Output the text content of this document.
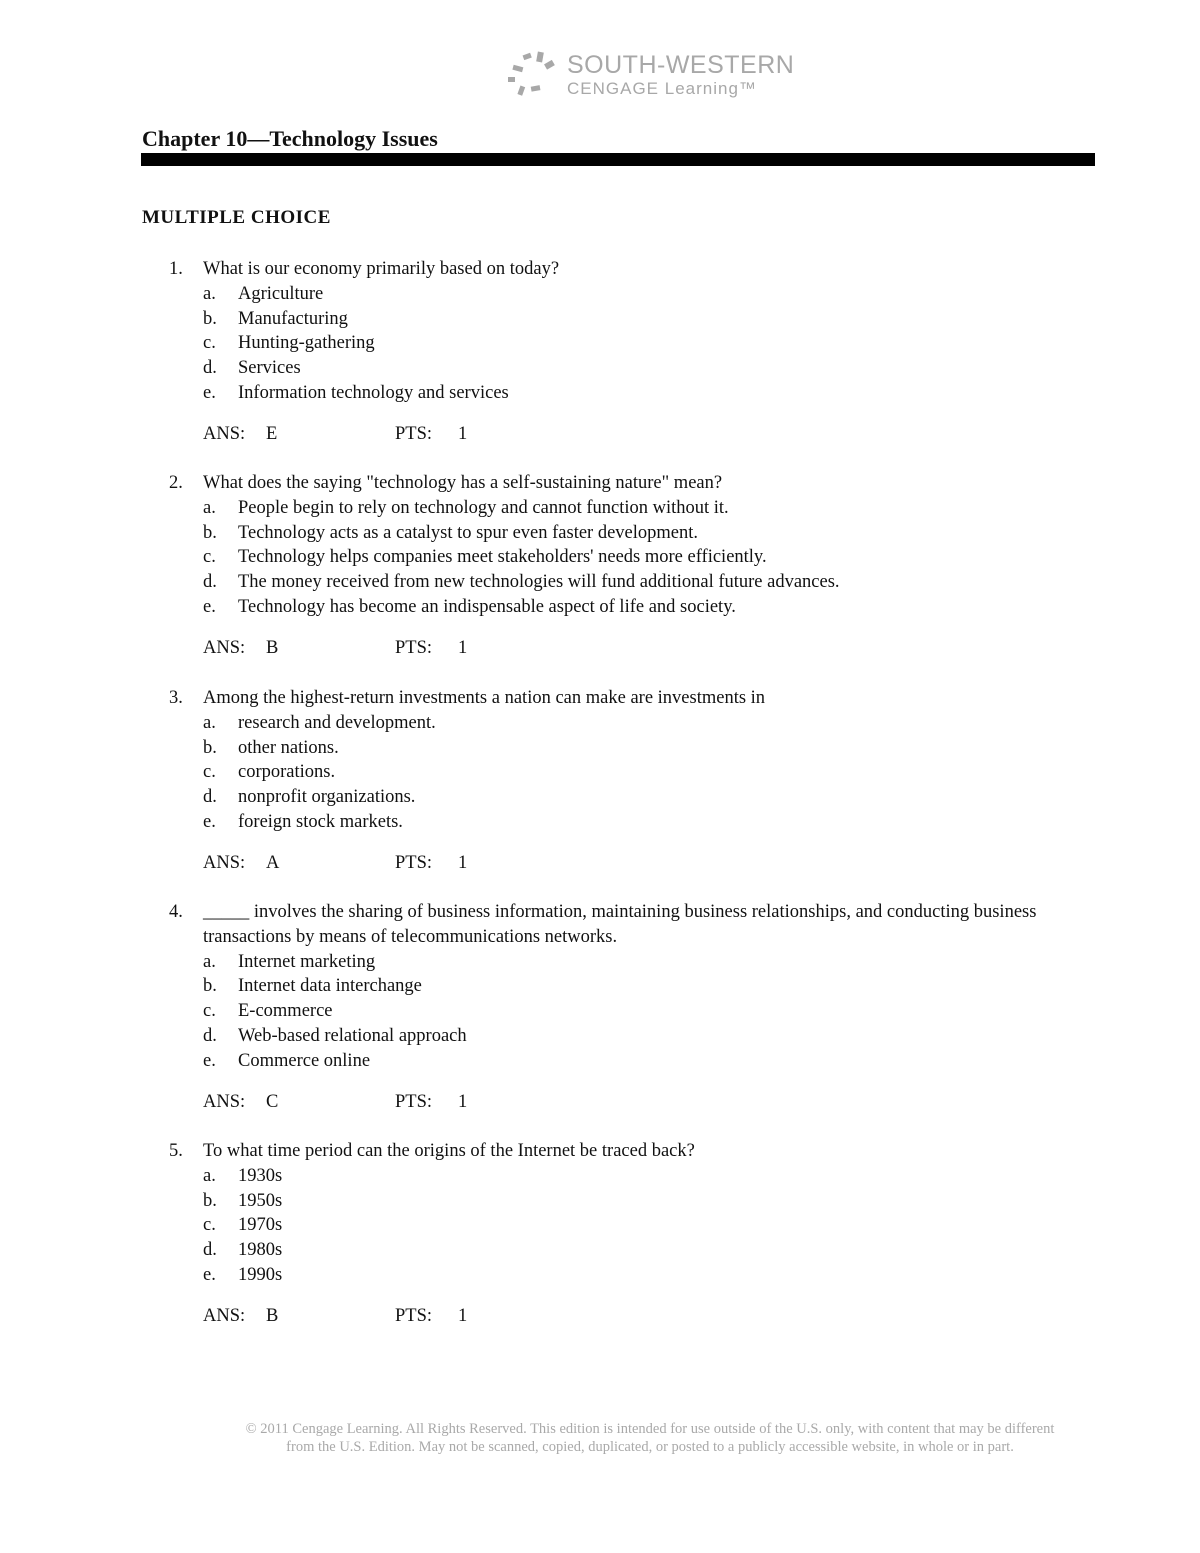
SOUTH-WESTERN
CENGAGE Learning™
Chapter 10—Technology Issues
MULTIPLE CHOICE
1. What is our economy primarily based on today?
a. Agriculture
b. Manufacturing
c. Hunting-gathering
d. Services
e. Information technology and services
ANS: E	PTS: 1
2. What does the saying "technology has a self-sustaining nature" mean?
a. People begin to rely on technology and cannot function without it.
b. Technology acts as a catalyst to spur even faster development.
c. Technology helps companies meet stakeholders' needs more efficiently.
d. The money received from new technologies will fund additional future advances.
e. Technology has become an indispensable aspect of life and society.
ANS: B	PTS: 1
3. Among the highest-return investments a nation can make are investments in
a. research and development.
b. other nations.
c. corporations.
d. nonprofit organizations.
e. foreign stock markets.
ANS: A	PTS: 1
4. _____ involves the sharing of business information, maintaining business relationships, and conducting business transactions by means of telecommunications networks.
a. Internet marketing
b. Internet data interchange
c. E-commerce
d. Web-based relational approach
e. Commerce online
ANS: C	PTS: 1
5. To what time period can the origins of the Internet be traced back?
a. 1930s
b. 1950s
c. 1970s
d. 1980s
e. 1990s
ANS: B	PTS: 1
© 2011 Cengage Learning. All Rights Reserved. This edition is intended for use outside of the U.S. only, with content that may be different
from the U.S. Edition. May not be scanned, copied, duplicated, or posted to a publicly accessible website, in whole or in part.
